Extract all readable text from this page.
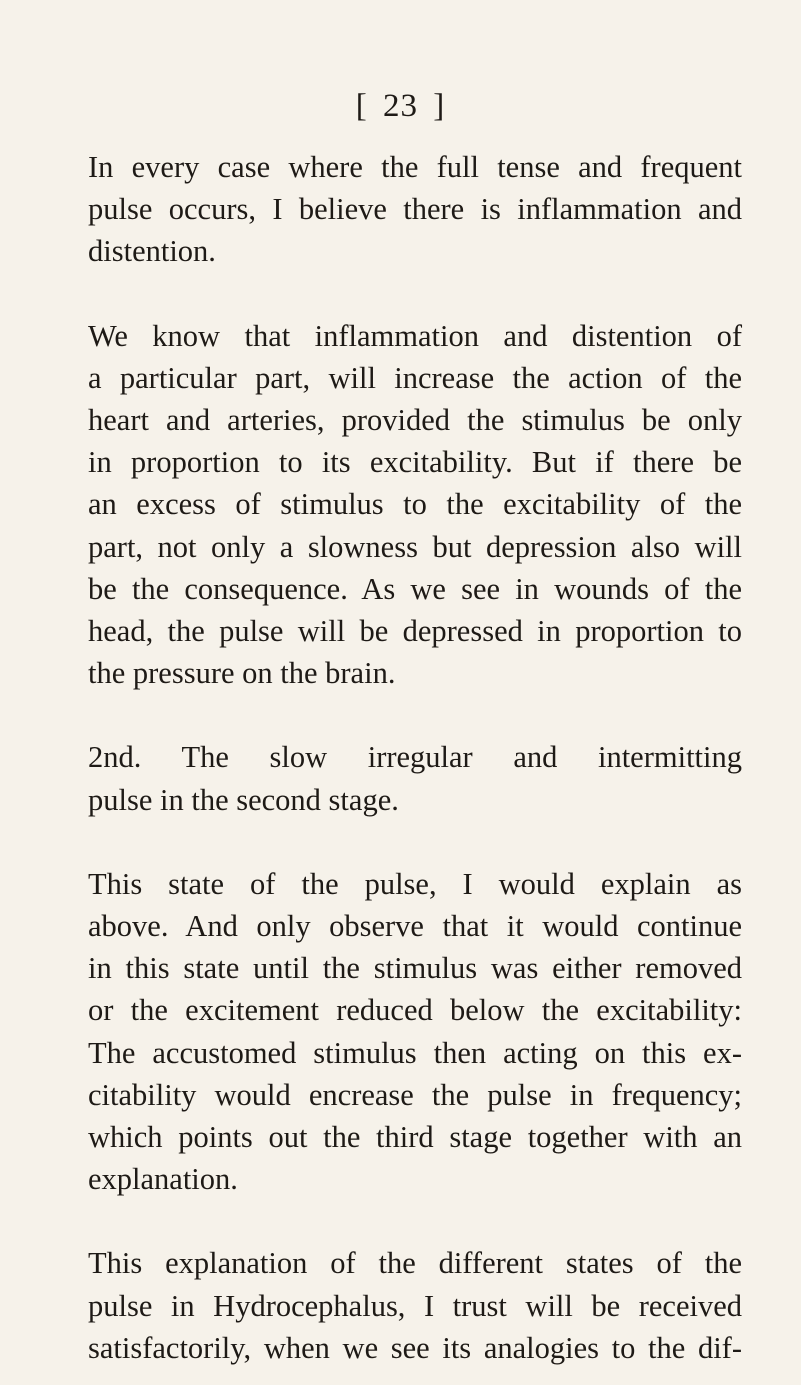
[ 23 ]

In every case where the full tense and frequent
pulse occurs, I believe there is inflammation and
distention.

We know that inflammation and distention of
a particular part, will increase the action of the
heart and arteries, provided the stimulus be only
in proportion to its excitability. But if there be
an excess of stimulus to the excitability of the
part, not only a slowness but depression also will
be the consequence. As we see in wounds of the
head, the pulse will be depressed in proportion to
the pressure on the brain.

2nd. The slow irregular and intermitting
pulse in the second stage.

This state of the pulse, I would explain as
above. And only observe that it would continue
in this state until the stimulus was either removed
or the excitement reduced below the excitability:
The accustomed stimulus then acting on this ex-
citability would encrease the pulse in frequency;
which points out the third stage together with an
explanation.

This explanation of the different states of the
pulse in Hydrocephalus, I trust will be received
satisfactorily, when we see its analogies to the dif-
